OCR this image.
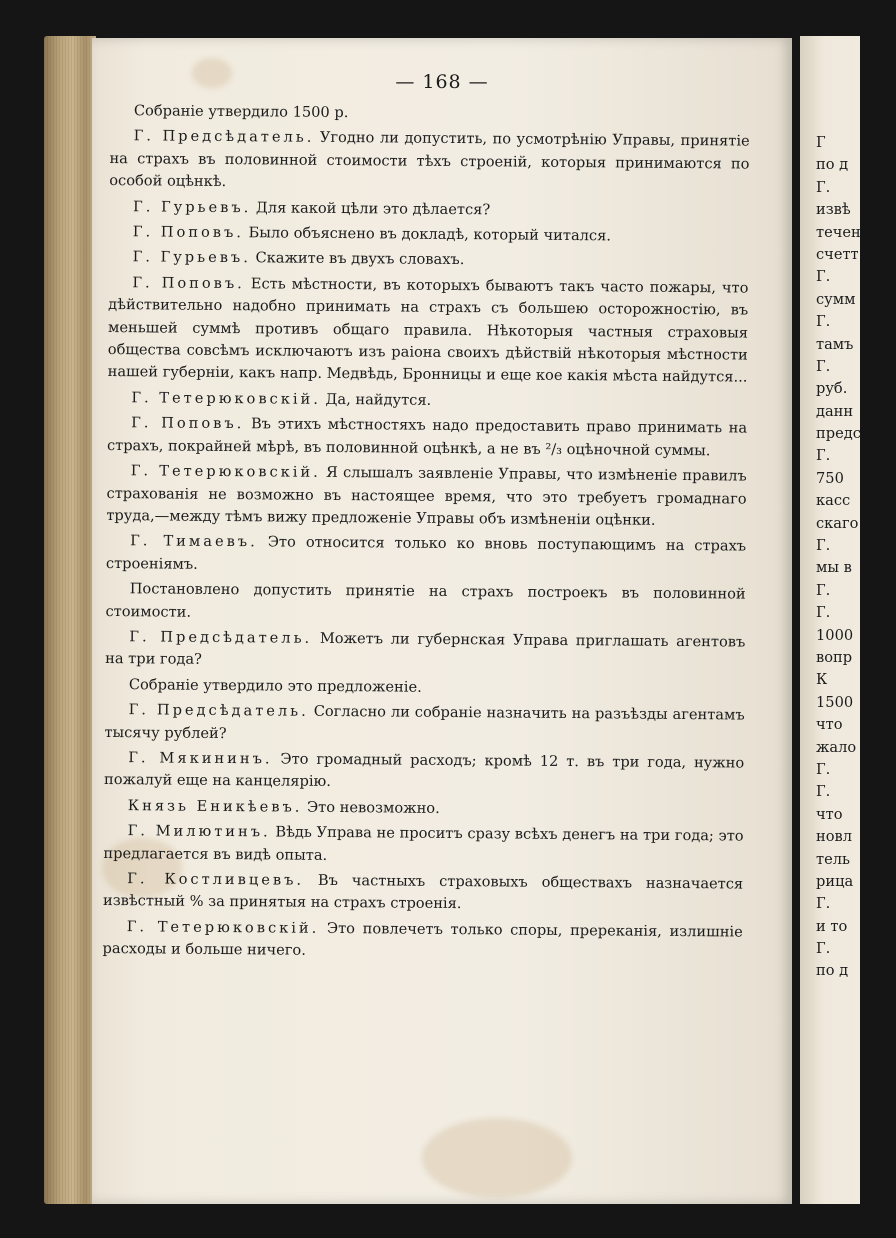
— 168 —
Г
по д
Г.
извѣ
течен
счетт
Г.
сумм
Г.
тамъ
Г.
руб.
данн
предс
Г.
750
касс
скаго
Г.
мы в
Г.
Г.
1000
вопр
К
1500
что
жало
Г.
Г.
что
новл
тель
рица
Г.
и то
Г.
по д

Собраніе утвердило 1500 р.

Г. Предсѣдатель. Угодно ли допустить, по усмотрѣнію Управы, принятіе на страхъ въ половинной стоимости тѣхъ строеній, которыя принимаются по особой оцѣнкѣ.

Г. Гурьевъ. Для какой цѣли это дѣлается?

Г. Поповъ. Было объяснено въ докладѣ, который читался.

Г. Гурьевъ. Скажите въ двухъ словахъ.

Г. Поповъ. Есть мѣстности, въ которыхъ бываютъ такъ часто пожары, что дѣйствительно надобно принимать на страхъ съ большею осторожностію, въ меньшей суммѣ противъ общаго правила. Нѣкоторыя частныя страховыя общества совсѣмъ исключаютъ изъ раіона своихъ дѣйствій нѣкоторыя мѣстности нашей губерніи, какъ напр. Медвѣдь, Бронницы и еще кое какія мѣста найдутся...

Г. Тетерюковскій. Да, найдутся.

Г. Поповъ. Въ этихъ мѣстностяхъ надо предоставить право принимать на страхъ, покрайней мѣрѣ, въ половинной оцѣнкѣ, а не въ ²/₃ оцѣночной суммы.

Г. Тетерюковскій. Я слышалъ заявленіе Управы, что измѣненіе правилъ страхованія не возможно въ настоящее время, что это требуетъ громаднаго труда,—между тѣмъ вижу предложеніе Управы объ измѣненіи оцѣнки.

Г. Тимаевъ. Это относится только ко вновь поступающимъ на страхъ строеніямъ.

Постановлено допустить принятіе на страхъ построекъ въ половинной стоимости.

Г. Предсѣдатель. Можетъ ли губернская Управа приглашать агентовъ на три года?

Собраніе утвердило это предложеніе.

Г. Предсѣдатель. Согласно ли собраніе назначить на разъѣзды агентамъ тысячу рублей?

Г. Мякининъ. Это громадный расходъ; кромѣ 12 т. въ три года, нужно пожалуй еще на канцелярію.

Князь Еникѣевъ. Это невозможно.

Г. Милютинъ. Вѣдь Управа не проситъ сразу всѣхъ денегъ на три года; это предлагается въ видѣ опыта.

Г. Костливцевъ. Въ частныхъ страховыхъ обществахъ назначается извѣстный % за принятыя на страхъ строенія.

Г. Тетерюковскій. Это повлечетъ только споры, пререканія, излишніе расходы и больше ничего.
